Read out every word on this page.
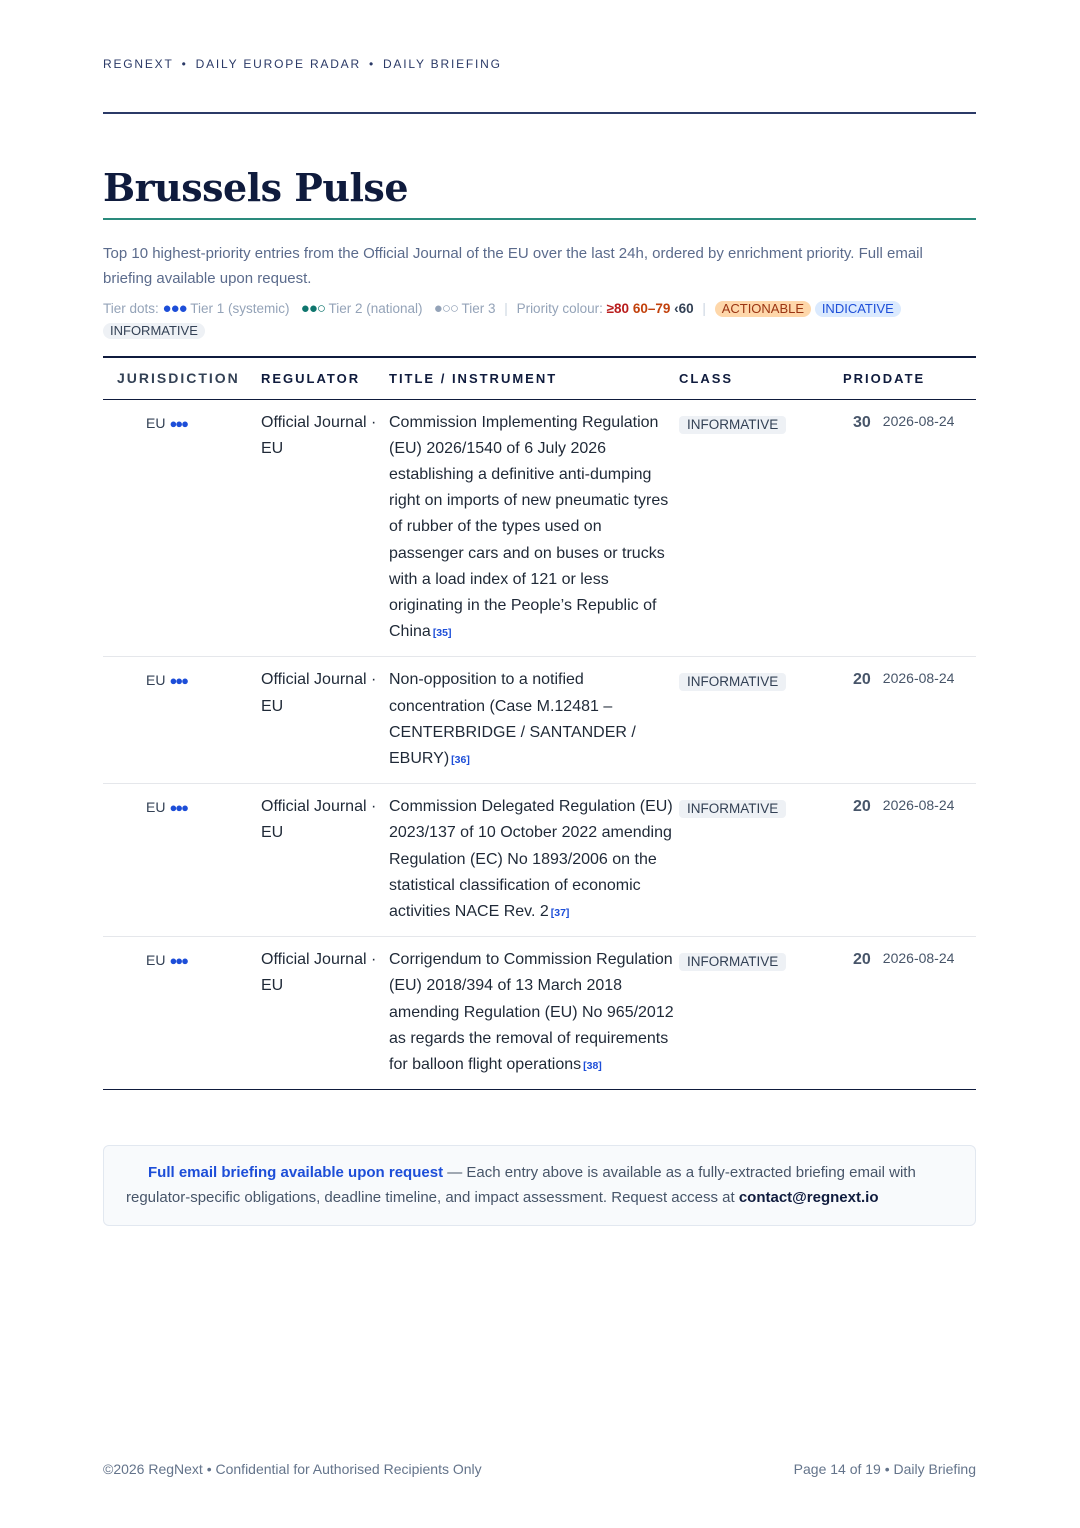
REGNEXT • DAILY EUROPE RADAR • DAILY BRIEFING
Brussels Pulse

Top 10 highest-priority entries from the Official Journal of the EU over the last 24h, ordered by enrichment priority. Full email briefing available upon request.

Tier dots: ●●● Tier 1 (systemic) ●●○ Tier 2 (national) ●○○ Tier 3 | Priority colour: ≥80 60–79 ‹60 | ACTIONABLE INDICATIVE
INFORMATIVE
JURISDICTION	REGULATOR	TITLE / INSTRUMENT	CLASS	PRIO	DATE
EU ●●●	Official Journal · EU	Commission Implementing Regulation (EU) 2026/1540 of 6 July 2026 establishing a definitive anti-dumping right on imports of new pneumatic tyres of rubber of the types used on passenger cars and on buses or trucks with a load index of 121 or less originating in the People’s Republic of China [35]	INFORMATIVE	30	2026-08-24
EU ●●●	Official Journal · EU	Non-opposition to a notified concentration (Case M.12481 – CENTERBRIDGE / SANTANDER / EBURY) [36]	INFORMATIVE	20	2026-08-24
EU ●●●	Official Journal · EU	Commission Delegated Regulation (EU) 2023/137 of 10 October 2022 amending Regulation (EC) No 1893/2006 on the statistical classification of economic activities NACE Rev. 2 [37]	INFORMATIVE	20	2026-08-24
EU ●●●	Official Journal · EU	Corrigendum to Commission Regulation (EU) 2018/394 of 13 March 2018 amending Regulation (EU) No 965/2012 as regards the removal of requirements for balloon flight operations [38]	INFORMATIVE	20	2026-08-24
Full email briefing available upon request — Each entry above is available as a fully-extracted briefing email with regulator-specific obligations, deadline timeline, and impact assessment. Request access at contact@regnext.io
©2026 RegNext • Confidential for Authorised Recipients Only	Page 14 of 19 • Daily Briefing
